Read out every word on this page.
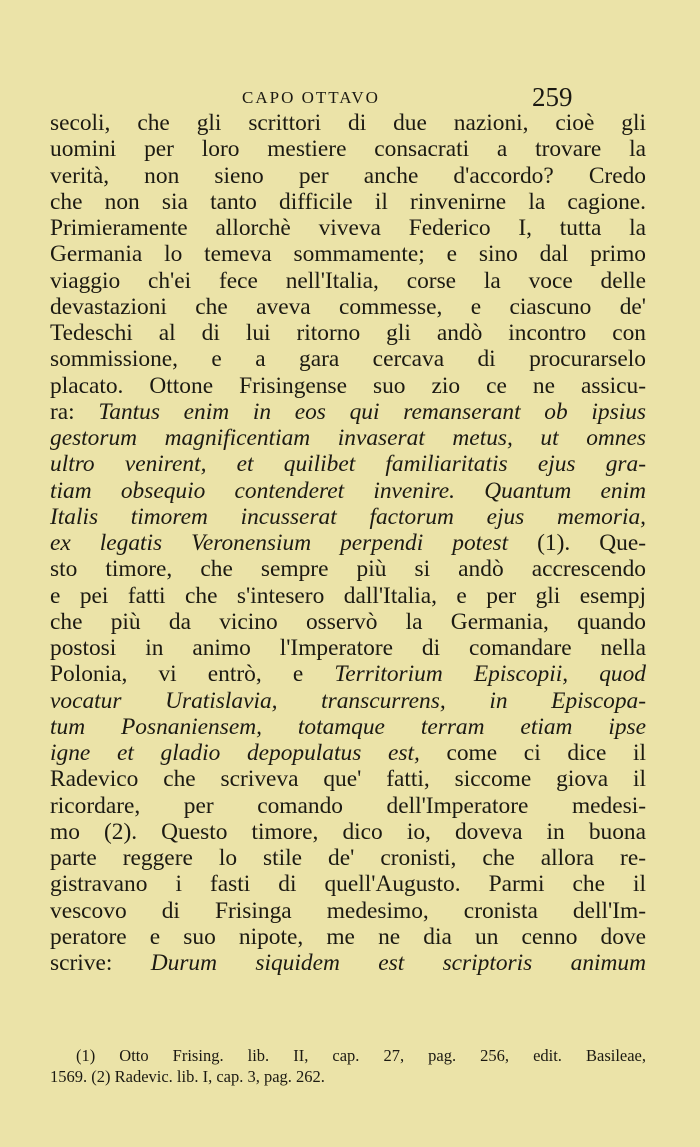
CAPO OTTAVO	259
secoli, che gli scrittori di due nazioni, cioè gli
uomini per loro mestiere consacrati a trovare la
verità, non sieno per anche d'accordo? Credo
che non sia tanto difficile il rinvenirne la cagione.
Primieramente allorchè viveva Federico I, tutta la
Germania lo temeva sommamente; e sino dal primo
viaggio ch'ei fece nell'Italia, corse la voce delle
devastazioni che aveva commesse, e ciascuno de'
Tedeschi al di lui ritorno gli andò incontro con
sommissione, e a gara cercava di procurarselo
placato. Ottone Frisingense suo zio ce ne assicu-
ra: Tantus enim in eos qui remanserant ob ipsius
gestorum magnificentiam invaserat metus, ut omnes
ultro venirent, et quilibet familiaritatis ejus gra-
tiam obsequio contenderet invenire. Quantum enim
Italis timorem incusserat factorum ejus memoria,
ex legatis Veronensium perpendi potest (1). Que-
sto timore, che sempre più si andò accrescendo
e pei fatti che s'intesero dall'Italia, e per gli esempj
che più da vicino osservò la Germania, quando
postosi in animo l'Imperatore di comandare nella
Polonia, vi entrò, e Territorium Episcopii, quod
vocatur Uratislavia, transcurrens, in Episcopa-
tum Posnaniensem, totamque terram etiam ipse
igne et gladio depopulatus est, come ci dice il
Radevico che scriveva que' fatti, siccome giova il
ricordare, per comando dell'Imperatore medesi-
mo (2). Questo timore, dico io, doveva in buona
parte reggere lo stile de' cronisti, che allora re-
gistravano i fasti di quell'Augusto. Parmi che il
vescovo di Frisinga medesimo, cronista dell'Im-
peratore e suo nipote, me ne dia un cenno dove
scrive: Durum siquidem est scriptoris animum
(1) Otto Frising. lib. II, cap. 27, pag. 256, edit. Basileae,
1569. (2) Radevic. lib. I, cap. 3, pag. 262.
